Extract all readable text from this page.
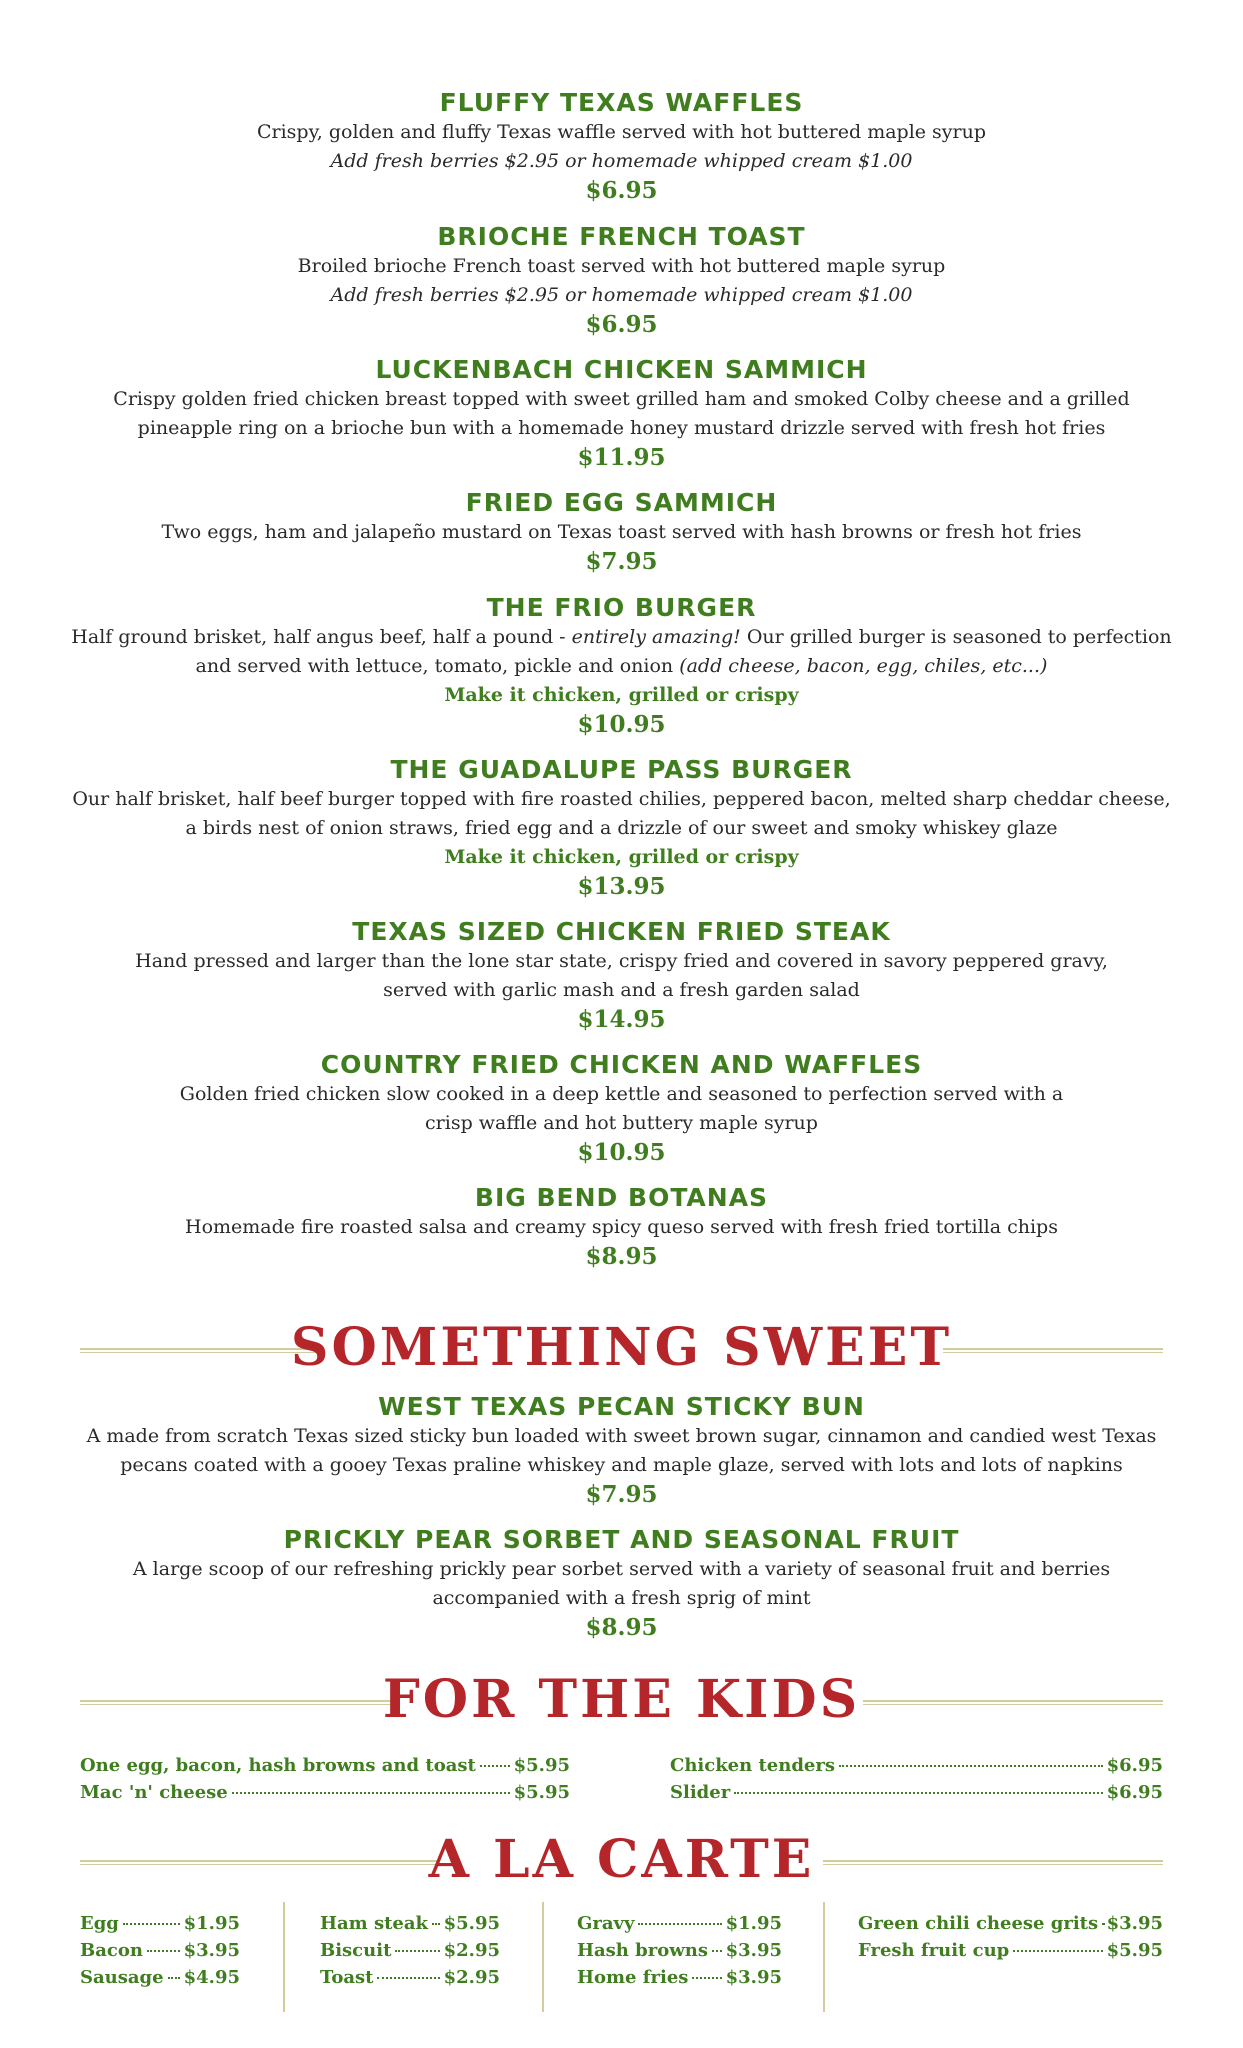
FLUFFY TEXAS WAFFLES

Crispy, golden and fluffy Texas waffle served with hot buttered maple syrup

Add fresh berries $2.95 or homemade whipped cream $1.00

$6.95

BRIOCHE FRENCH TOAST

Broiled brioche French toast served with hot buttered maple syrup

Add fresh berries $2.95 or homemade whipped cream $1.00

$6.95

LUCKENBACH CHICKEN SAMMICH

Crispy golden fried chicken breast topped with sweet grilled ham and smoked Colby cheese and a grilled

pineapple ring on a brioche bun with a homemade honey mustard drizzle served with fresh hot fries

$11.95

FRIED EGG SAMMICH

Two eggs, ham and jalapeño mustard on Texas toast served with hash browns or fresh hot fries

$7.95

THE FRIO BURGER

Half ground brisket, half angus beef, half a pound - entirely amazing! Our grilled burger is seasoned to perfection

and served with lettuce, tomato, pickle and onion (add cheese, bacon, egg, chiles, etc...)

Make it chicken, grilled or crispy

$10.95

THE GUADALUPE PASS BURGER

Our half brisket, half beef burger topped with fire roasted chilies, peppered bacon, melted sharp cheddar cheese,

a birds nest of onion straws, fried egg and a drizzle of our sweet and smoky whiskey glaze

Make it chicken, grilled or crispy

$13.95

TEXAS SIZED CHICKEN FRIED STEAK

Hand pressed and larger than the lone star state, crispy fried and covered in savory peppered gravy,

served with garlic mash and a fresh garden salad

$14.95

COUNTRY FRIED CHICKEN AND WAFFLES

Golden fried chicken slow cooked in a deep kettle and seasoned to perfection served with a

crisp waffle and hot buttery maple syrup

$10.95

BIG BEND BOTANAS

Homemade fire roasted salsa and creamy spicy queso served with fresh fried tortilla chips

$8.95

SOMETHING SWEET

WEST TEXAS PECAN STICKY BUN

A made from scratch Texas sized sticky bun loaded with sweet brown sugar, cinnamon and candied west Texas

pecans coated with a gooey Texas praline whiskey and maple glaze, served with lots and lots of napkins

$7.95

PRICKLY PEAR SORBET AND SEASONAL FRUIT

A large scoop of our refreshing prickly pear sorbet served with a variety of seasonal fruit and berries

accompanied with a fresh sprig of mint

$8.95

FOR THE KIDS

One egg, bacon, hash browns and toast $5.95
Mac 'n' cheese	$5.95
Chicken tenders	$6.95
Slider	$6.95

A LA CARTE

Egg	$1.95
Bacon $3.95
Sausage $4.95
Ham steak $5.95
Biscuit	$2.95
Toast	$2.95
Gravy	$1.95
Hash browns $3.95
Home fries $3.95
Green chili cheese grits $3.95
Fresh fruit cup	$5.95
